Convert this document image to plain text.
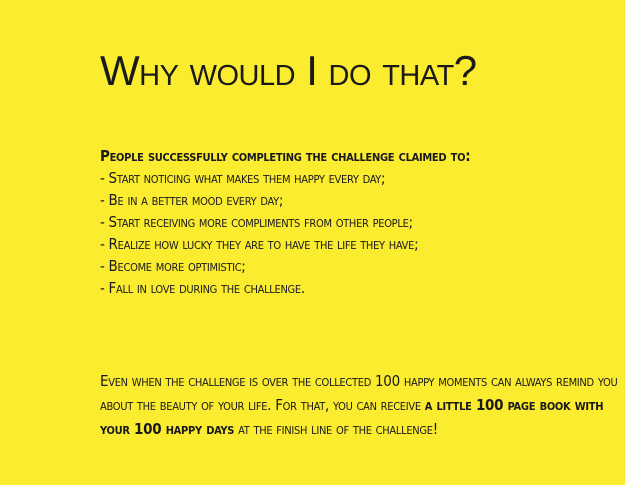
Why would I do that?

People successfully completing the challenge claimed to:

- Start noticing what makes them happy every day;
- Be in a better mood every day;
- Start receiving more compliments from other people;
- Realize how lucky they are to have the life they have;
- Become more optimistic;
- Fall in love during the challenge.

Even when the challenge is over the collected 100 happy moments can always remind you about the beauty of your life. For that, you can receive a little 100 page book with your 100 happy days at the finish line of the challenge!
